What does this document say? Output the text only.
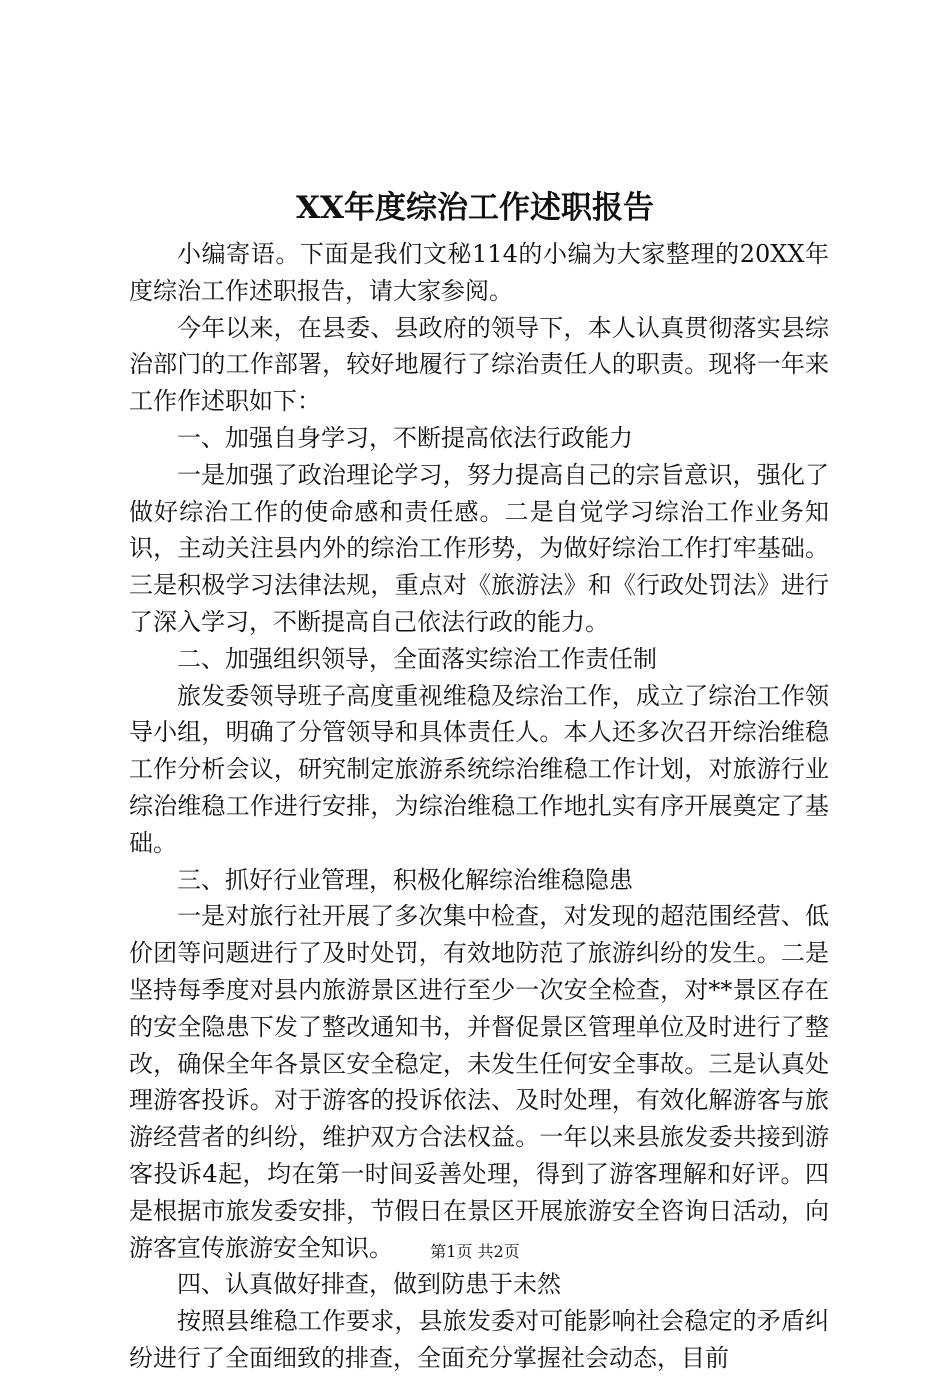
XX年度综治工作述职报告

小编寄语。下面是我们文秘114的小编为大家整理的20XX年度综治工作述职报告，请大家参阅。

今年以来，在县委、县政府的领导下，本人认真贯彻落实县综治部门的工作部署，较好地履行了综治责任人的职责。现将一年来工作作述职如下：

一、加强自身学习，不断提高依法行政能力

一是加强了政治理论学习，努力提高自己的宗旨意识，强化了做好综治工作的使命感和责任感。二是自觉学习综治工作业务知识，主动关注县内外的综治工作形势，为做好综治工作打牢基础。三是积极学习法律法规，重点对《旅游法》和《行政处罚法》进行了深入学习，不断提高自己依法行政的能力。

二、加强组织领导，全面落实综治工作责任制

旅发委领导班子高度重视维稳及综治工作，成立了综治工作领导小组，明确了分管领导和具体责任人。本人还多次召开综治维稳工作分析会议，研究制定旅游系统综治维稳工作计划，对旅游行业综治维稳工作进行安排，为综治维稳工作地扎实有序开展奠定了基础。

三、抓好行业管理，积极化解综治维稳隐患

一是对旅行社开展了多次集中检查，对发现的超范围经营、低价团等问题进行了及时处罚，有效地防范了旅游纠纷的发生。二是坚持每季度对县内旅游景区进行至少一次安全检查，对**景区存在的安全隐患下发了整改通知书，并督促景区管理单位及时进行了整改，确保全年各景区安全稳定，未发生任何安全事故。三是认真处理游客投诉。对于游客的投诉依法、及时处理，有效化解游客与旅游经营者的纠纷，维护双方合法权益。一年以来县旅发委共接到游客投诉4起，均在第一时间妥善处理，得到了游客理解和好评。四是根据市旅发委安排，节假日在景区开展旅游安全咨询日活动，向游客宣传旅游安全知识。

四、认真做好排查，做到防患于未然

按照县维稳工作要求，县旅发委对可能影响社会稳定的矛盾纠纷进行了全面细致的排查，全面充分掌握社会动态，目前

第1页 共2页
